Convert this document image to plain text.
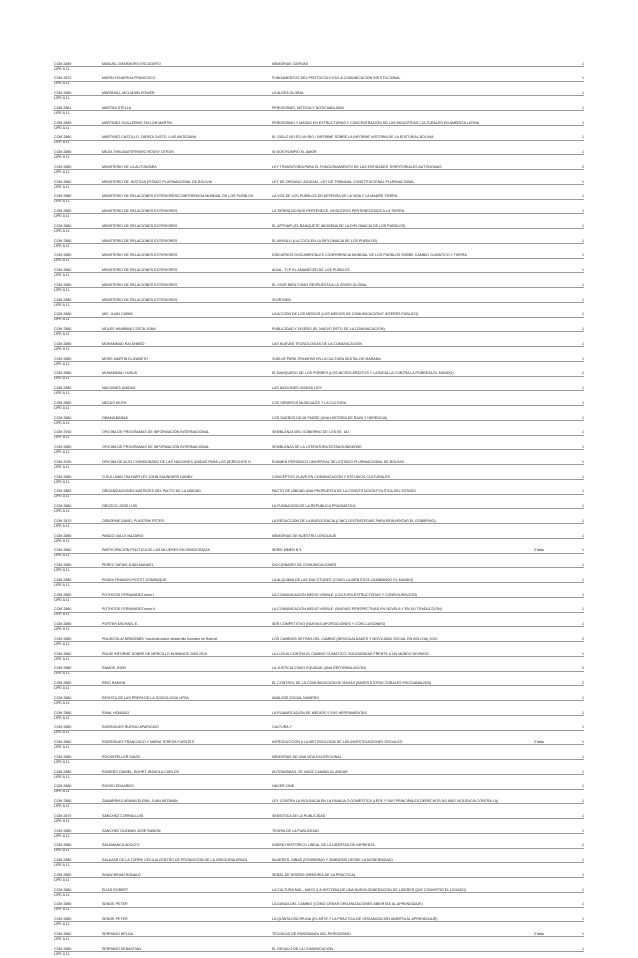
COM 2889
LIPE A 11
MANUEL GHARMORO ESCUDERO	MEMORIAS CIERVAS	1
COM 2870
LIPE A 11
MARIN FIGUEROA FRANCISCO	FUNDAMENTOS DEL PROTOCOLO EN LA COMUNICACIÓN INSTITUCIONAL	1
COM 2880
LIPE A 11
MARSHALL MCLUHAN,POWER	LA ALDEA GLOBAL	1
COM 2881
LIPE A 11
MARTINI STELLA	PERIODISMO, NOTICIA Y NOTICIABILIDAD	1
COM 2889
LIPE A 11
MARTINEZ GUILLERMO,TAYLOR MARTIN	PERIODISMO Y MASAS EN ESTRUCTURAS Y CONCENTRACIÓN DE LAS INDUSTRIAS CULTURALES EN AMÉRICA LATINA	1
COM 2880
LIPE A 11
MARTINEZ CASTILLO, ZAPATA JUSTO, LUIS ANTEZANA	EL SIGLO NO ES UN RÍO / INFORME SOBRE LA INFORME HISTORIA DE LA EDITORIAL BOLIVIA	1
COM 2880
LIPE A 11
MEJIA THELMA/TERRERO ROSSY OTROS	SI NOS ROMPIÓ EL AMOR	1
COM 2880
LIPE A 11
MINISTERIO DE LA AUTONOMÍA	LEY TRANSITORIA PARA EL FUNCIONAMIENTO DE LAS ENTIDADES TERRITORIALES AUTÓNOMAS	2
COM 2880
LIPE A 11
MINISTERIO DE JUSTICIA ESTADO PLURINACIONAL DE BOLIVIA	LEY DE ÓRGANO JUDICIAL, LEY DE TRIBUNAL CONSTITUCIONAL PLURINACIONAL	1
COM 2880
LIPE A 11
MINISTERIO DE RELACIONES EXTERIORES/CONFERENCIA MUNDIAL DE LOS PUEBLOS	LA VOZ DE LOS PUEBLOS EN DEFENSA DE LA VIDA Y LA MADRE TIERRA	1
COM 2880
LIPE A 11
MINISTERIO DE RELACIONES EXTERIORES	LA TIERRA NO NOS PERTENECE, NOSOTROS PERTENECEMOS A LA TIERRA	1
COM 2880
LIPE A 11
MINISTERIO DE RELACIONES EXTERIORES	EL APTHAPI (EL BANQUETE INDÍGENA DE LA DIPLOMACIA DE LOS PUEBLOS)	1
COM 2880
LIPE A 11
MINISTERIO DE RELACIONES EXTERIORES	EL AKHULLI (LA COCA EN LA DIPLOMACIA DE LOS PUEBLOS)	1
COM 2880
LIPE A 11
MINISTERIO DE RELACIONES EXTERIORES	DISCURSOS DOCUMENTALES CONFERENCIA MUNDIAL DE LOS PUEBLOS SOBRE CAMBIO CLIMÁTICO Y TIERRA	1
COM 2880
LIPE A 11
MINISTERIO DE RELACIONES EXTERIORES	ALBA - TCP EL AMANECER DE LOS PUEBLOS	1
COM 2880
LIPE A 11
MINISTERIO DE RELACIONES EXTERIORES	EL VIVIR BIEN COMO RESPUESTA A LA CRISIS GLOBAL	1
COM 2880
LIPE A 11
MINISTERIO DE RELACIONES EXTERIORES	VIVIR BIEN	1
COM 2880
LIPE A 11
MIC. JUAN CARMI	LA ACCIÓN DE LOS MEDIOS (LOS MEDIOS DE COMUNICACIÓN E INTERÉS PÚBLICO)	1
COM 2880
LIPE A 11
MOLES HAMRANI COSTA JOAN	PUBLICIDAD Y DISEÑO (EL NUEVO RETO DE LA COMUNICACIÓN)	1
COM 2880
LIPE A 11
MOHAMMAD RAI AHMED	LAS NUEVAS TECNOLOGÍAS DE LA COMUNICACIÓN	1
COM 2880
LIPE A 11
MOSS MARTIN ELIZABETH	VUELVE PARA TRIUNFAR EN LA CULTURA DIGITAL DE MAÑANA	1
COM 2880
LIPE A 11
MUHAMMAD YUNUS	EL BANQUERO DE LOS POBRES (LOS MICROCRÉDITOS Y LA BATALLA CONTRA LA POBREZA EL MUNDO)	1
COM 2880
LIPE A 11
NACIONES UNIDAS	LAS NACIONES UNIDAS HOY	1
COM 2880
LIPE A 11
NEGUS KEITH	LOS GÉNEROS MUSICALES Y LA CULTURA	1
COM 2880
LIPE A 11
OBAMA BARAK	LOS SUEÑOS DE MI PADRE (UNA HISTORIA DE RAZA Y HERENCIA)	1
COM 2930
LIPE A 11
OFICINA DE PROGRAMAS DE INFORMACIÓN INTERNACIONAL	SEMBLANZA DEL GOBIERNO DE LOS EE. UU.	1
COM 2880
LIPE A 11
OFICINA DE PROGRAMAS DE INFORMACIÓN INTERNACIONAL	SEMBLANZA DE LA LITERATURA ESTADOUNIDENSE	1
COM 2930
LIPE A 11
OFICINA DE ALTO COMISIONADO DE LAS NACIONES UNIDAS PARA LOS DERECHOS H	EXAMEN PERIÓDICO UNIVERSAL DEL ESTADO PLURINACIONAL DE BOLIVIA	1
COM 2880
LIPE A 11
O.SULLIVAN TIM,HARTLEY JOHN,SAUNDERS DANNY	CONCEPTOS CLAVE EN COMUNICACIÓN Y ESTUDIOS CULTURALES	1
COM 2880
LIPE A 11
ORGANIZACIONES MATRICES DEL PACTO DE LA UNIDAD	PACTO DE UNIDAD UNA PROPUESTA DE LA CONSTITUCIÓN POLÍTICA DEL ESTADO	1
COM 2880
LIPE A 11
OROZCO JOSE LUIS	LA FUNDACIÓN DE LA REPÚBLICA PRAGMÁTICA	1
COM 2870
LIPE A 11
OSBORNE DAVID, PLASTRIK PETER	LA REDUCCIÓN DE LA BUROCRACIA (CINCO ESTRATEGIAS PARA REINVENTAR EL GOBIERNO)	1
COM 2880
LIPE A 11
PANDO VALLE NAZARIO	MEMORIAS DE NUESTRO LENGUAJE	1
COM 2880
LIPE A 11
PARTICIPACIÓN POLÍTICA DE LAS MUJERES EN DEMOCRACIA	SERIE MMEN N°1	2 falta	1
COM 2880
LIPE A 11
PEREZ TAPIAS JUAN MANUEL	DICCIONARIO DE COMUNICACIONES	1
COM 2880
LIPE A 11
PISANI FRANCIS,PIOTET DOMINIQUE	LA ALQUIMIA DE LAS MULTITUDES (CÓMO LA WEB ESTÁ CAMBIANDO EL MUNDO)	1
COM 2880
LIPE A 11
POTHITOS FERNANDEZ tomo I	LA COMUNICACIÓN MEDIO VISIBLE. (CULTURA ESTRUCTURAS Y CONFIGURACIÓN)	1
COM 2880
LIPE A 11
POTHITOS FERNANDEZ tomo II	LA COMUNICACIÓN MEDIO VISIBLE. (NUEVAS PERSPECTIVAS EN NOVELA Y EN SU TRADUCCIÓN)	1
COM 2880
LIPE A 11
PORTER MICHAEL E.	SER COMPETITIVO (NUEVAS APORTACIONES Y CONCLUSIONES)	1
COM 2880
LIPE A 11
PNUD/OXLA/ ARMONIBS "nacional sobre desarrollo humano en Bolivia"	LOS CAMBIOS DETRÁS DEL CAMBIO (DESIGUALDADES Y MOVILIDAD SOCIAL EN BOLIVIA) 2010	2
COM 2880
LIPE A 11
PNUD/ INFORME SOBRE DE MERCILLO HUMANOS 2009 2010	LA LUCHA CONTRA EL CAMBIO CLIMÁTICO: SOLIDARIDAD FRENTE A UN MUNDO DIVIDIDO	1
COM 2880
LIPE A 11
RAMOS JHON	LA JUSTICIA COMO EQUIDAD (UNA REFORMULACIÓN)	2
COM 2880
LIPE A 11
REIG RAMON	EL CONTROL DE LA COMUNICACIÓN DE MASAS (BASES ESTRUCTURALES PSICOANÁLISIS)	2
COM 2880
LIPE A 11
REVISTA DE LAS PREPA DE LA SOCIOLOGIA UPSA	ANÁLISIS SOCIAL NÚMERO	1
COM 2880
LIPE A 11
RIVAL HOMADO	LA PLANIFICACIÓN DE MEDIOS Y SUS HERRAMIENTAS	1
COM 2880
LIPE A 11
RODRIGUES RUFINO APARICIDO	CULTURA Y	1
COM 2880
LIPE A 11
RODRIGUEZ FRANCISCO Y MARIA TERESA FUENTES	INTRODUCCIÓN A LA METODOLOGÍA DE LAS INVESTIGACIONES SOCIALES	2 falta	1
COM 2880
LIPE A 11
ROCKEFELLER DAVID	MEMORIAS DE UNA VIDA EXCEPCIONAL	1
COM 2880
LIPE A 11
ROMERO DANIEL, BOHRT IRAHOLA CARLOS	AUTONOMÍAS, SE HACE CAMINO AL ANDAR	1
COM 2880
LIPE A 11
RUSSO EDUARDO	HACER CINE	1
COM 2880
LIPE A 11
ZAMARRIAS ARMAN ELENA, JUAN NEGMAN	LEY CONTRA LA VIOLENCIA EN LA FAMILIA O DOMÉSTICA (LEPE Y SUS PRINCIPALES DERECHOS NO MÁS VIOLENCIA CONTRA LA)	1
COM 2870
LIPE A 11
SÁNCHEZ CORRALLUIS	SEMIÓTICA DE LA PUBLICIDAD	1
COM 2880
LIPE A 11
SÁNCHEZ GUZMÁN JOSÉ RAMÓN	TEORÍA DE LA PUBLICIDAD	1
COM 2880
LIPE A 11
SALAMANCA ADOLFO	DISEÑO HISTÓRICO LINEAL DE LA LIBERTAD DE IMPRENTA	1
COM 2880
LIPE A 11
SALAZAR DE LA TORRE CECILIA CENTRO DE PROMOCIÓN DE LA GREGORIA APAZA	MUJERES, NIÑAS (FEMINISMO Y SIMBIOSIS DESDE LA MODERNIDAD)	1
COM 2880
LIPE A 11
SHAW BRIAN RONALD	SEÑAL DE DISEÑO (MEMORIA DE LA PRÁCTICA)	1
COM 2880
LIPE A 11
ELIAS ROBERT	LA CULTURA MIA – MAYO (LA HISTORIA DE UNA NUEVA GENERACIÓN DE LIDERES QUE CONVIRTIÓ EL LEGADO)	1
COM 2880
LIPE A 11
SENGE PETER	LA DANZA DEL CAMBIO (CÓMO CREAR ORGANIZACIONES ABIERTAS AL APRENDIZAJE)	1
COM 2880
LIPE A 11
SENGE PETER	LA QUINTA DISCIPLINA (EL ARTE Y LA PRÁCTICA DE ORGANIZACIÓN ABIERTA AL APRENDIZAJE)	1
COM 2880
LIPE A 11
SERRANO HELGA	TÉCNICAS DE ENSEÑANZA DEL PERIODISMO	2 falta	1
COM 2880
LIPE A 11
SERRANO SEBASTIAN	EL REGALO DE LA COMUNICACIÓN	1
